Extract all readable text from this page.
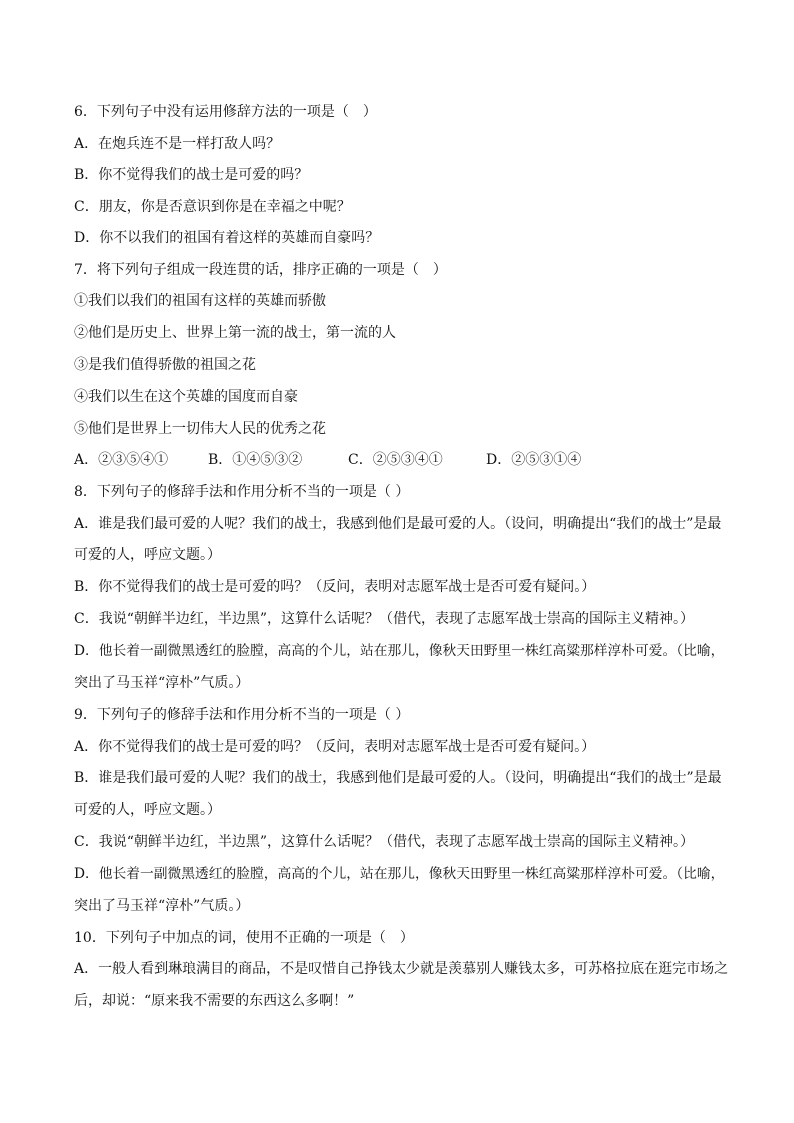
6．下列句子中没有运用修辞方法的一项是（　）
A．在炮兵连不是一样打敌人吗？
B．你不觉得我们的战士是可爱的吗？
C．朋友，你是否意识到你是在幸福之中呢？
D．你不以我们的祖国有着这样的英雄而自豪吗？
7．将下列句子组成一段连贯的话，排序正确的一项是（　）
①我们以我们的祖国有这样的英雄而骄傲
②他们是历史上、世界上第一流的战士，第一流的人
③是我们值得骄傲的祖国之花
④我们以生在这个英雄的国度而自豪
⑤他们是世界上一切伟大人民的优秀之花
A．②③⑤④①	B．①④⑤③②	C．②⑤③④①	D．②⑤③①④
8．下列句子的修辞手法和作用分析不当的一项是（ ）
A．谁是我们最可爱的人呢？我们的战士，我感到他们是最可爱的人。（设问，明确提出“我们的战士”是最
可爱的人，呼应文题。）
B．你不觉得我们的战士是可爱的吗？（反问，表明对志愿军战士是否可爱有疑问。）
C．我说“朝鲜半边红，半边黑”，这算什么话呢？（借代，表现了志愿军战士崇高的国际主义精神。）
D．他长着一副微黑透红的脸膛，高高的个儿，站在那儿，像秋天田野里一株红高粱那样淳朴可爱。（比喻，
突出了马玉祥“淳朴”气质。）
9．下列句子的修辞手法和作用分析不当的一项是（ ）
A．你不觉得我们的战士是可爱的吗？（反问，表明对志愿军战士是否可爱有疑问。）
B．谁是我们最可爱的人呢？我们的战士，我感到他们是最可爱的人。（设问，明确提出“我们的战士”是最
可爱的人，呼应文题。）
C．我说“朝鲜半边红，半边黑”，这算什么话呢？（借代，表现了志愿军战士崇高的国际主义精神。）
D．他长着一副微黑透红的脸膛，高高的个儿，站在那儿，像秋天田野里一株红高粱那样淳朴可爱。（比喻，
突出了马玉祥“淳朴”气质。）
10．下列句子中加点的词，使用不正确的一项是（　）
A．一般人看到琳琅满目的商品，不是叹惜自己挣钱太少就是羡慕别人赚钱太多，可苏格拉底在逛完市场之
后，却说：“原来我不需要的东西这么多啊！”
